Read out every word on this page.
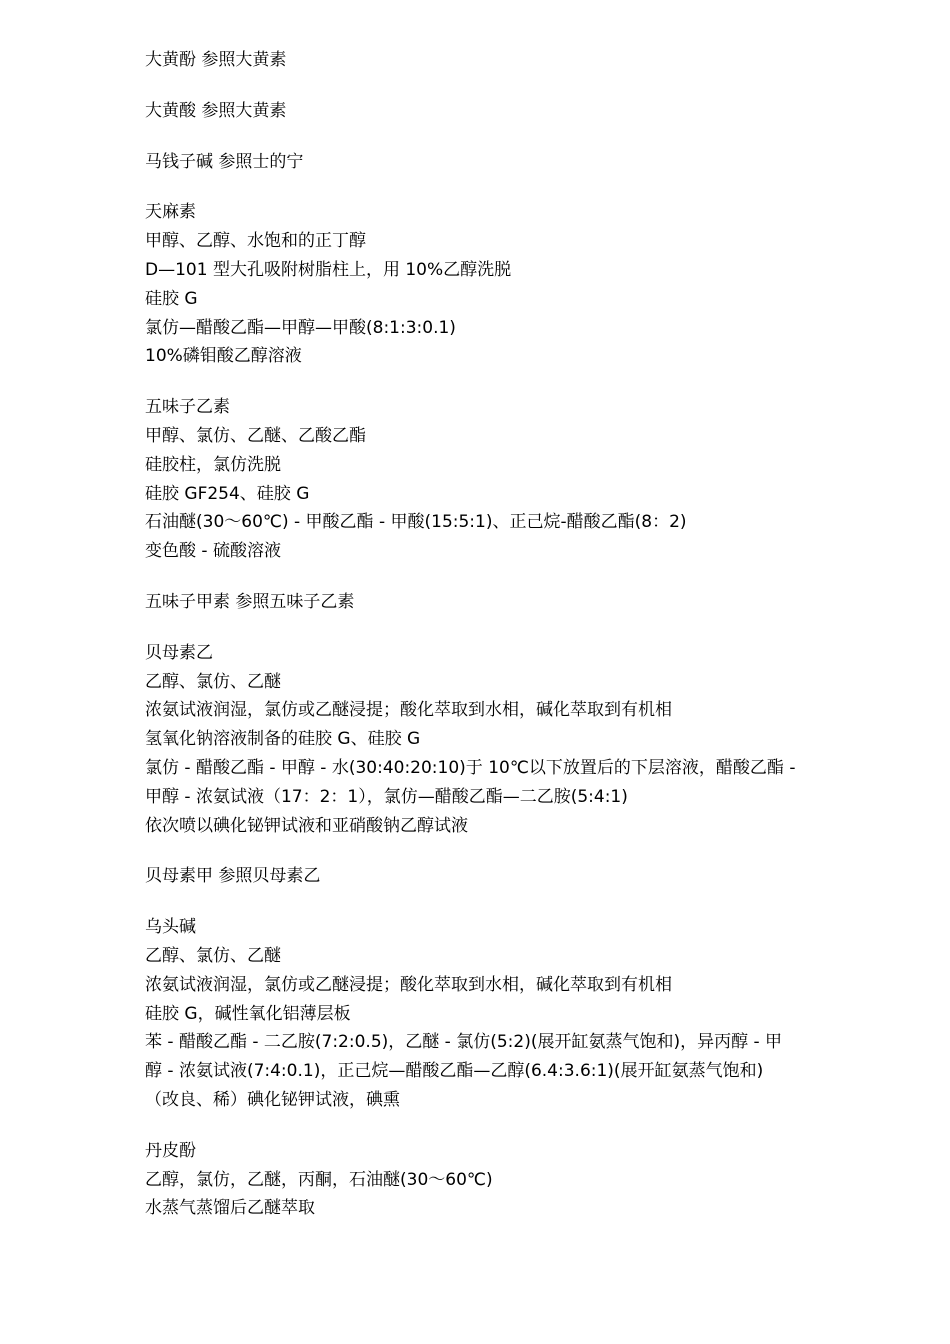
大黄酚 参照大黄素
大黄酸 参照大黄素
马钱子碱 参照士的宁
天麻素
甲醇、乙醇、水饱和的正丁醇
D—101 型大孔吸附树脂柱上，用 10%乙醇洗脱
硅胶 G
氯仿—醋酸乙酯—甲醇—甲酸(8:1:3:0.1)
10%磷钼酸乙醇溶液
五味子乙素
甲醇、氯仿、乙醚、乙酸乙酯
硅胶柱，氯仿洗脱
硅胶 GF254、硅胶 G
石油醚(30～60℃) - 甲酸乙酯 - 甲酸(15:5:1)、正己烷-醋酸乙酯(8：2)
变色酸 - 硫酸溶液
五味子甲素 参照五味子乙素
贝母素乙
乙醇、氯仿、乙醚
浓氨试液润湿，氯仿或乙醚浸提；酸化萃取到水相，碱化萃取到有机相
氢氧化钠溶液制备的硅胶 G、硅胶 G
氯仿 - 醋酸乙酯 - 甲醇 - 水(30:40:20:10)于 10℃以下放置后的下层溶液，醋酸乙酯 -
甲醇 - 浓氨试液（17：2：1），氯仿—醋酸乙酯—二乙胺(5:4:1)
依次喷以碘化铋钾试液和亚硝酸钠乙醇试液
贝母素甲 参照贝母素乙
乌头碱
乙醇、氯仿、乙醚
浓氨试液润湿，氯仿或乙醚浸提；酸化萃取到水相，碱化萃取到有机相
硅胶 G，碱性氧化铝薄层板
苯 - 醋酸乙酯 - 二乙胺(7:2:0.5)，乙醚 - 氯仿(5:2)(展开缸氨蒸气饱和)，异丙醇 - 甲
醇 - 浓氨试液(7:4:0.1)，正己烷—醋酸乙酯—乙醇(6.4:3.6:1)(展开缸氨蒸气饱和)
（改良、稀）碘化铋钾试液，碘熏
丹皮酚
乙醇，氯仿，乙醚，丙酮，石油醚(30～60℃)
水蒸气蒸馏后乙醚萃取
